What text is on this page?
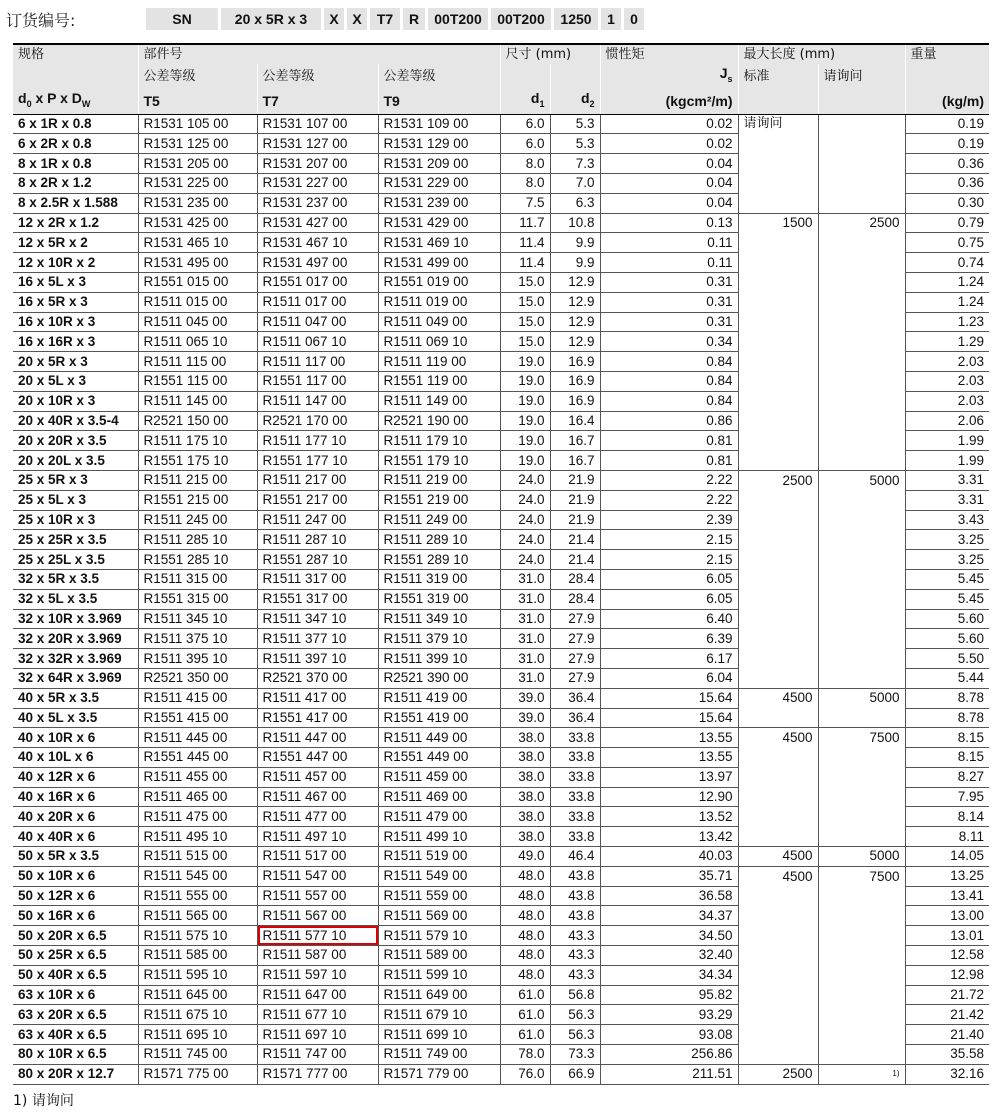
订货编号:	SN	20 x 5R x 3	X X	T7	R	00T200	00T200	1250	1	0
规格	部件号			尺寸 (mm)		惯性矩	最大长度 (mm)		重量
	公差等级	公差等级	公差等级			$J_s$	标准	请询问	
$d_0$ x P x $D_W$	T5	T7	T9	$d_1$	$d_2$	(kgcm²/m)			(kg/m)
6 x 1R x 0.8	R1531 105 00	R1531 107 00	R1531 109 00	6.0	5.3	0.02	请询问		0.19
6 x 2R x 0.8	R1531 125 00	R1531 127 00	R1531 129 00	6.0	5.3	0.02			0.19
8 x 1R x 0.8	R1531 205 00	R1531 207 00	R1531 209 00	8.0	7.3	0.04			0.36
8 x 2R x 1.2	R1531 225 00	R1531 227 00	R1531 229 00	8.0	7.0	0.04			0.36
8 x 2.5R x 1.588	R1531 235 00	R1531 237 00	R1531 239 00	7.5	6.3	0.04			0.30
12 x 2R x 1.2	R1531 425 00	R1531 427 00	R1531 429 00	11.7	10.8	0.13	1500	2500	0.79
12 x 5R x 2	R1531 465 10	R1531 467 10	R1531 469 10	11.4	9.9	0.11			0.75
12 x 10R x 2	R1531 495 00	R1531 497 00	R1531 499 00	11.4	9.9	0.11			0.74
16 x 5L x 3	R1551 015 00	R1551 017 00	R1551 019 00	15.0	12.9	0.31			1.24
16 x 5R x 3	R1511 015 00	R1511 017 00	R1511 019 00	15.0	12.9	0.31			1.24
16 x 10R x 3	R1511 045 00	R1511 047 00	R1511 049 00	15.0	12.9	0.31			1.23
16 x 16R x 3	R1511 065 10	R1511 067 10	R1511 069 10	15.0	12.9	0.34			1.29
20 x 5R x 3	R1511 115 00	R1511 117 00	R1511 119 00	19.0	16.9	0.84			2.03
20 x 5L x 3	R1551 115 00	R1551 117 00	R1551 119 00	19.0	16.9	0.84			2.03
20 x 10R x 3	R1511 145 00	R1511 147 00	R1511 149 00	19.0	16.9	0.84			2.03
20 x 40R x 3.5-4	R2521 150 00	R2521 170 00	R2521 190 00	19.0	16.4	0.86			2.06
20 x 20R x 3.5	R1511 175 10	R1511 177 10	R1511 179 10	19.0	16.7	0.81			1.99
20 x 20L x 3.5	R1551 175 10	R1551 177 10	R1551 179 10	19.0	16.7	0.81			1.99
25 x 5R x 3	R1511 215 00	R1511 217 00	R1511 219 00	24.0	21.9	2.22	2500	5000	3.31
25 x 5L x 3	R1551 215 00	R1551 217 00	R1551 219 00	24.0	21.9	2.22			3.31
25 x 10R x 3	R1511 245 00	R1511 247 00	R1511 249 00	24.0	21.9	2.39			3.43
25 x 25R x 3.5	R1511 285 10	R1511 287 10	R1511 289 10	24.0	21.4	2.15			3.25
25 x 25L x 3.5	R1551 285 10	R1551 287 10	R1551 289 10	24.0	21.4	2.15			3.25
32 x 5R x 3.5	R1511 315 00	R1511 317 00	R1511 319 00	31.0	28.4	6.05			5.45
32 x 5L x 3.5	R1551 315 00	R1551 317 00	R1551 319 00	31.0	28.4	6.05			5.45
32 x 10R x 3.969	R1511 345 10	R1511 347 10	R1511 349 10	31.0	27.9	6.40			5.60
32 x 20R x 3.969	R1511 375 10	R1511 377 10	R1511 379 10	31.0	27.9	6.39			5.60
32 x 32R x 3.969	R1511 395 10	R1511 397 10	R1511 399 10	31.0	27.9	6.17			5.50
32 x 64R x 3.969	R2521 350 00	R2521 370 00	R2521 390 00	31.0	27.9	6.04			5.44
40 x 5R x 3.5	R1511 415 00	R1511 417 00	R1511 419 00	39.0	36.4	15.64	4500	5000	8.78
40 x 5L x 3.5	R1551 415 00	R1551 417 00	R1551 419 00	39.0	36.4	15.64			8.78
40 x 10R x 6	R1511 445 00	R1511 447 00	R1511 449 00	38.0	33.8	13.55	4500	7500	8.15
40 x 10L x 6	R1551 445 00	R1551 447 00	R1551 449 00	38.0	33.8	13.55			8.15
40 x 12R x 6	R1511 455 00	R1511 457 00	R1511 459 00	38.0	33.8	13.97			8.27
40 x 16R x 6	R1511 465 00	R1511 467 00	R1511 469 00	38.0	33.8	12.90			7.95
40 x 20R x 6	R1511 475 00	R1511 477 00	R1511 479 00	38.0	33.8	13.52			8.14
40 x 40R x 6	R1511 495 10	R1511 497 10	R1511 499 10	38.0	33.8	13.42			8.11
50 x 5R x 3.5	R1511 515 00	R1511 517 00	R1511 519 00	49.0	46.4	40.03	4500	5000	14.05
50 x 10R x 6	R1511 545 00	R1511 547 00	R1511 549 00	48.0	43.8	35.71	4500	7500	13.25
50 x 12R x 6	R1511 555 00	R1511 557 00	R1511 559 00	48.0	43.8	36.58			13.41
50 x 16R x 6	R1511 565 00	R1511 567 00	R1511 569 00	48.0	43.8	34.37			13.00
50 x 20R x 6.5	R1511 575 10	R1511 577 10	R1511 579 10	48.0	43.3	34.50			13.01
50 x 25R x 6.5	R1511 585 00	R1511 587 00	R1511 589 00	48.0	43.3	32.40			12.58
50 x 40R x 6.5	R1511 595 10	R1511 597 10	R1511 599 10	48.0	43.3	34.34			12.98
63 x 10R x 6	R1511 645 00	R1511 647 00	R1511 649 00	61.0	56.8	95.82			21.72
63 x 20R x 6.5	R1511 675 10	R1511 677 10	R1511 679 10	61.0	56.3	93.29			21.42
63 x 40R x 6.5	R1511 695 10	R1511 697 10	R1511 699 10	61.0	56.3	93.08			21.40
80 x 10R x 6.5	R1511 745 00	R1511 747 00	R1511 749 00	78.0	73.3	256.86			35.58
80 x 20R x 12.7	R1571 775 00	R1571 777 00	R1571 779 00	76.0	66.9	211.51	2500	$^{1)}$	32.16
1) 请询问
